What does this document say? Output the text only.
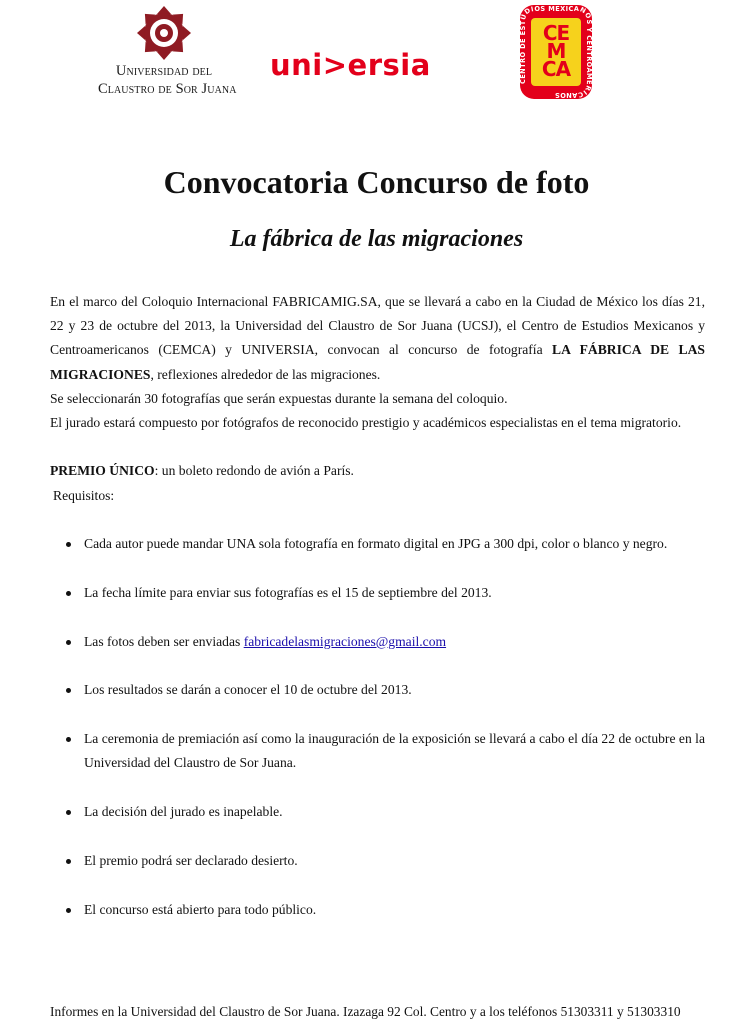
Universidad del
Claustro de Sor Juana
uni>ersia
CE
M
CA
CENTRO DE ESTUDIOS MEXICANOS Y CENTROAMERICANOS
Convocatoria Concurso de foto
La fábrica de las migraciones

En el marco del Coloquio Internacional FABRICAMIG.SA, que se llevará a cabo en la Ciudad de México los días 21, 22 y 23 de octubre del 2013, la Universidad del Claustro de Sor Juana (UCSJ), el Centro de Estudios Mexicanos y Centroamericanos (CEMCA) y UNIVERSIA, convocan al concurso de fotografía LA FÁBRICA DE LAS MIGRACIONES, reflexiones alrededor de las migraciones.

Se seleccionarán 30 fotografías que serán expuestas durante la semana del coloquio.

El jurado estará compuesto por fotógrafos de reconocido prestigio y académicos especialistas en el tema migratorio.

PREMIO ÚNICO: un boleto redondo de avión a París.

Requisitos:

Cada autor puede mandar UNA sola fotografía en formato digital en JPG a 300 dpi, color o blanco y negro.
La fecha límite para enviar sus fotografías es el 15 de septiembre del 2013.
Las fotos deben ser enviadas fabricadelasmigraciones@gmail.com
Los resultados se darán a conocer el 10 de octubre del 2013.
La ceremonia de premiación así como la inauguración de la exposición se llevará a cabo el día 22 de octubre en la Universidad del Claustro de Sor Juana.
La decisión del jurado es inapelable.
El premio podrá ser declarado desierto.
El concurso está abierto para todo público.
Informes en la Universidad del Claustro de Sor Juana. Izazaga 92 Col. Centro y a los teléfonos 51303311 y 51303310
